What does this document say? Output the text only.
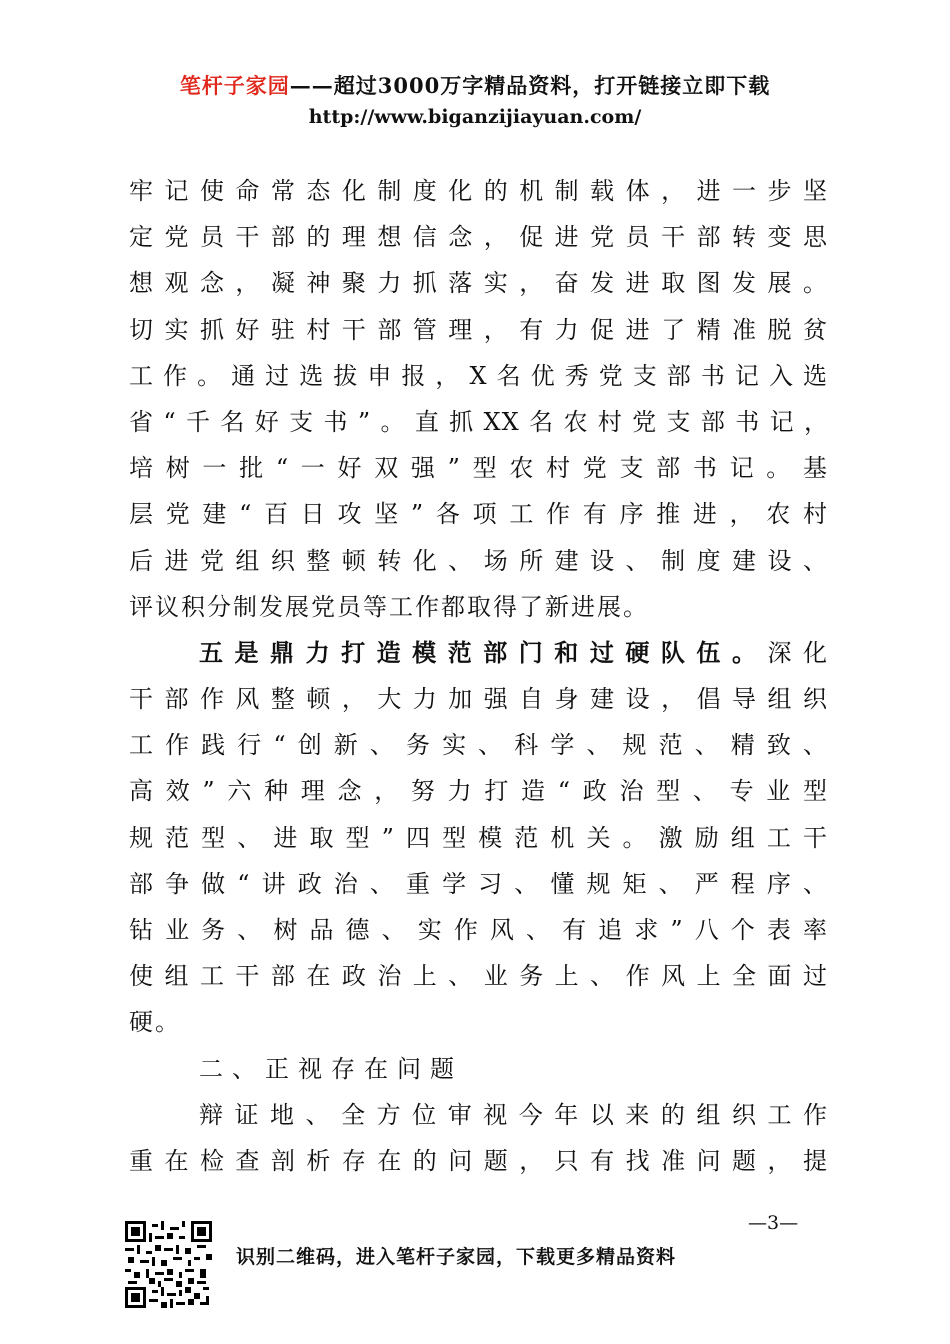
笔杆子家园——超过3000万字精品资料，打开链接立即下载
http://www.biganzijiayuan.com/
牢记使命常态化制度化的机制载体，进一步坚
定党员干部的理想信念，促进党员干部转变思
想观念，凝神聚力抓落实，奋发进取图发展。
切实抓好驻村干部管理，有力促进了精准脱贫
工作。通过选拔申报，X名优秀党支部书记入选
省“千名好支书”。直抓XX名农村党支部书记，
培树一批“一好双强”型农村党支部书记。基
层党建“百日攻坚”各项工作有序推进，农村
后进党组织整顿转化、场所建设、制度建设、
评议积分制发展党员等工作都取得了新进展。
五是鼎力打造模范部门和过硬队伍。深化
干部作风整顿，大力加强自身建设，倡导组织
工作践行“创新、务实、科学、规范、精致、
高效”六种理念，努力打造“政治型、专业型
规范型、进取型”四型模范机关。激励组工干
部争做“讲政治、重学习、懂规矩、严程序、
钻业务、树品德、实作风、有追求”八个表率
使组工干部在政治上、业务上、作风上全面过
硬。
二、正视存在问题
辩证地、全方位审视今年以来的组织工作
重在检查剖析存在的问题，只有找准问题，提
—3—
识别二维码，进入笔杆子家园，下载更多精品资料
